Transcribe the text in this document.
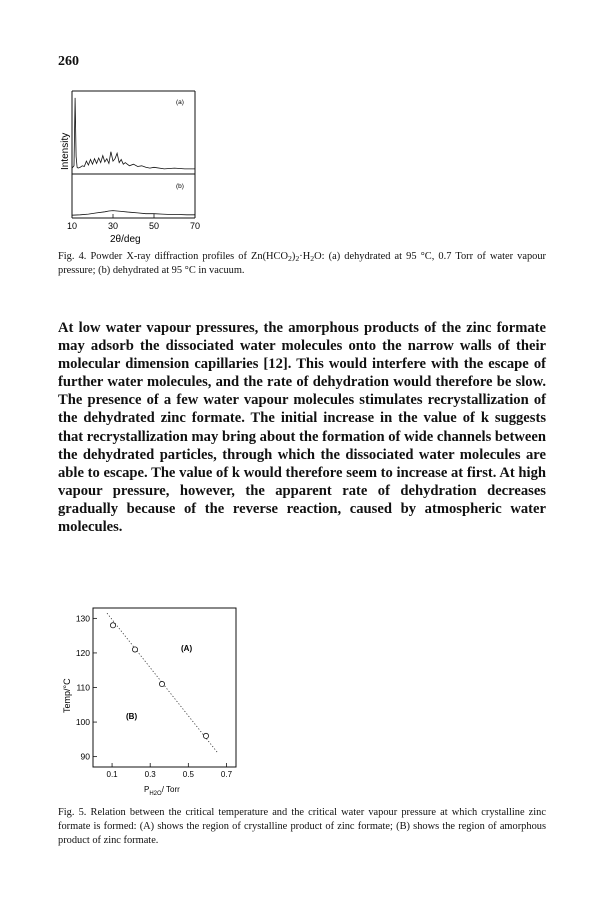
260
(a)
(b)
Intensity
10	30	50	70
2θ/deg
Fig. 4. Powder X-ray diffraction profiles of $Zn(HCO_2)_2\cdot H_2O$: (a) dehydrated at 95 °C, 0.7 Torr of water vapour pressure; (b) dehydrated at 95 °C in vacuum.

At low water vapour pressures, the amorphous products of the zinc formate may adsorb the dissociated water molecules onto the narrow walls of their molecular dimension capillaries [12]. This would interfere with the escape of further water molecules, and the rate of dehydration would therefore be slow. The presence of a few water vapour molecules stimulates recrystallization of the dehydrated zinc formate. The initial increase in the value of k suggests that recrystallization may bring about the formation of wide channels between the dehydrated particles, through which the dissociated water molecules are able to escape. The value of k would therefore seem to increase at first. At high vapour pressure, however, the apparent rate of dehydration decreases gradually because of the reverse reaction, caused by atmospheric water molecules.

90
100
110
120
130
0.1	0.3	0.5	0.7
(A)
(B)
Temp/°C
$P_{H2O}/$ Torr
Fig. 5. Relation between the critical temperature and the critical water vapour pressure at which crystalline zinc formate is formed: (A) shows the region of crystalline product of zinc formate; (B) shows the region of amorphous product of zinc formate.
